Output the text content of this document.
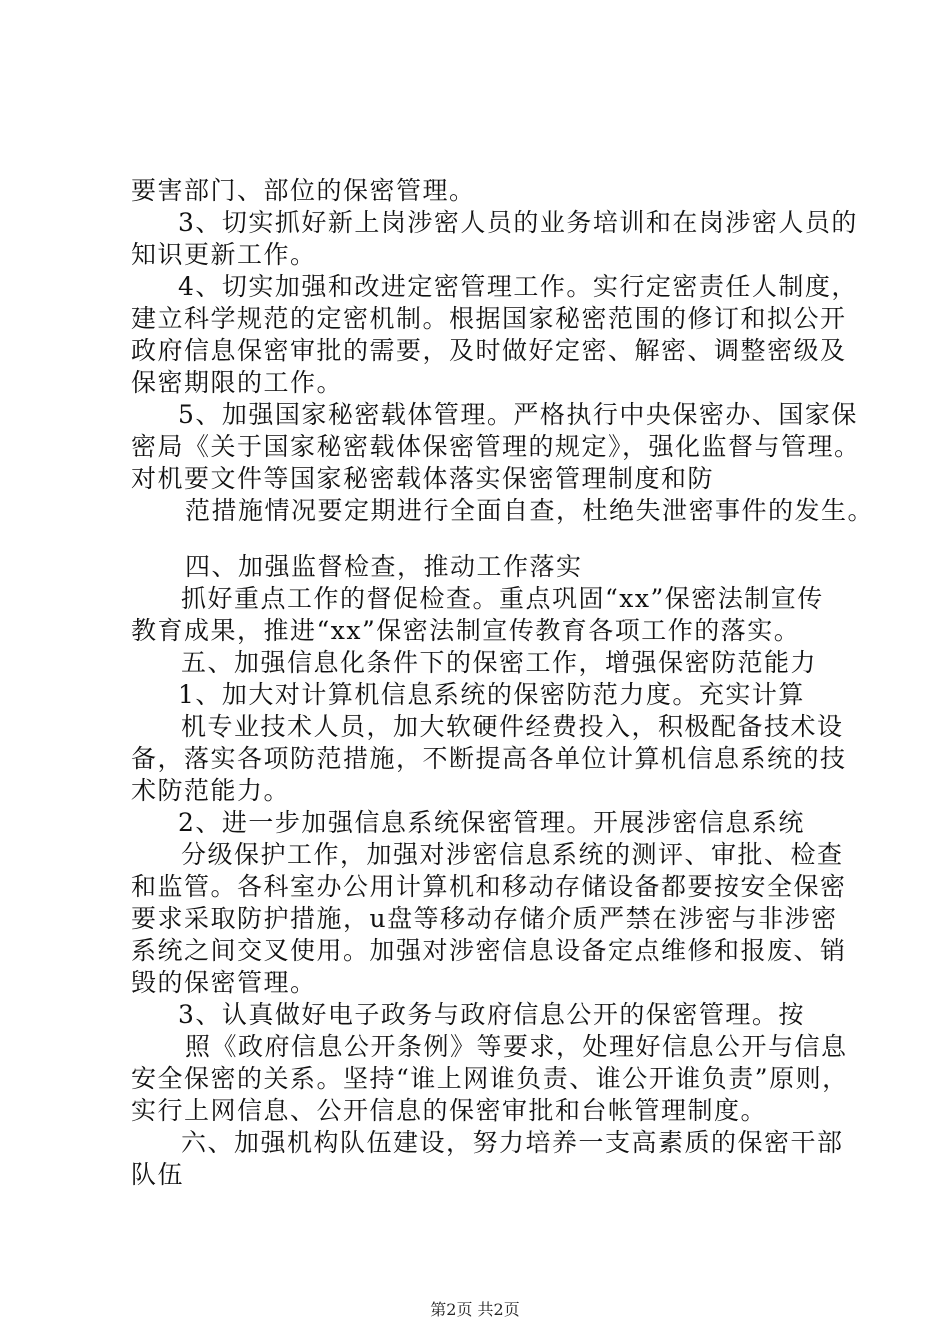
要害部门、部位的保密管理。
3、切实抓好新上岗涉密人员的业务培训和在岗涉密人员的
知识更新工作。
4、切实加强和改进定密管理工作。实行定密责任人制度，
建立科学规范的定密机制。根据国家秘密范围的修订和拟公开
政府信息保密审批的需要，及时做好定密、解密、调整密级及
保密期限的工作。
5、加强国家秘密载体管理。严格执行中央保密办、国家保
密局《关于国家秘密载体保密管理的规定》，强化监督与管理。
对机要文件等国家秘密载体落实保密管理制度和防
范措施情况要定期进行全面自查，杜绝失泄密事件的发生。
四、加强监督检查，推动工作落实
抓好重点工作的督促检查。重点巩固“xx”保密法制宣传
教育成果，推进“xx”保密法制宣传教育各项工作的落实。
五、加强信息化条件下的保密工作，增强保密防范能力
1、加大对计算机信息系统的保密防范力度。充实计算
机专业技术人员，加大软硬件经费投入，积极配备技术设
备，落实各项防范措施，不断提高各单位计算机信息系统的技
术防范能力。
2、进一步加强信息系统保密管理。开展涉密信息系统
分级保护工作，加强对涉密信息系统的测评、审批、检查
和监管。各科室办公用计算机和移动存储设备都要按安全保密
要求采取防护措施，u盘等移动存储介质严禁在涉密与非涉密
系统之间交叉使用。加强对涉密信息设备定点维修和报废、销
毁的保密管理。
3、认真做好电子政务与政府信息公开的保密管理。按
照《政府信息公开条例》等要求，处理好信息公开与信息
安全保密的关系。坚持“谁上网谁负责、谁公开谁负责”原则，
实行上网信息、公开信息的保密审批和台帐管理制度。
六、加强机构队伍建设，努力培养一支高素质的保密干部
队伍
第2页 共2页
